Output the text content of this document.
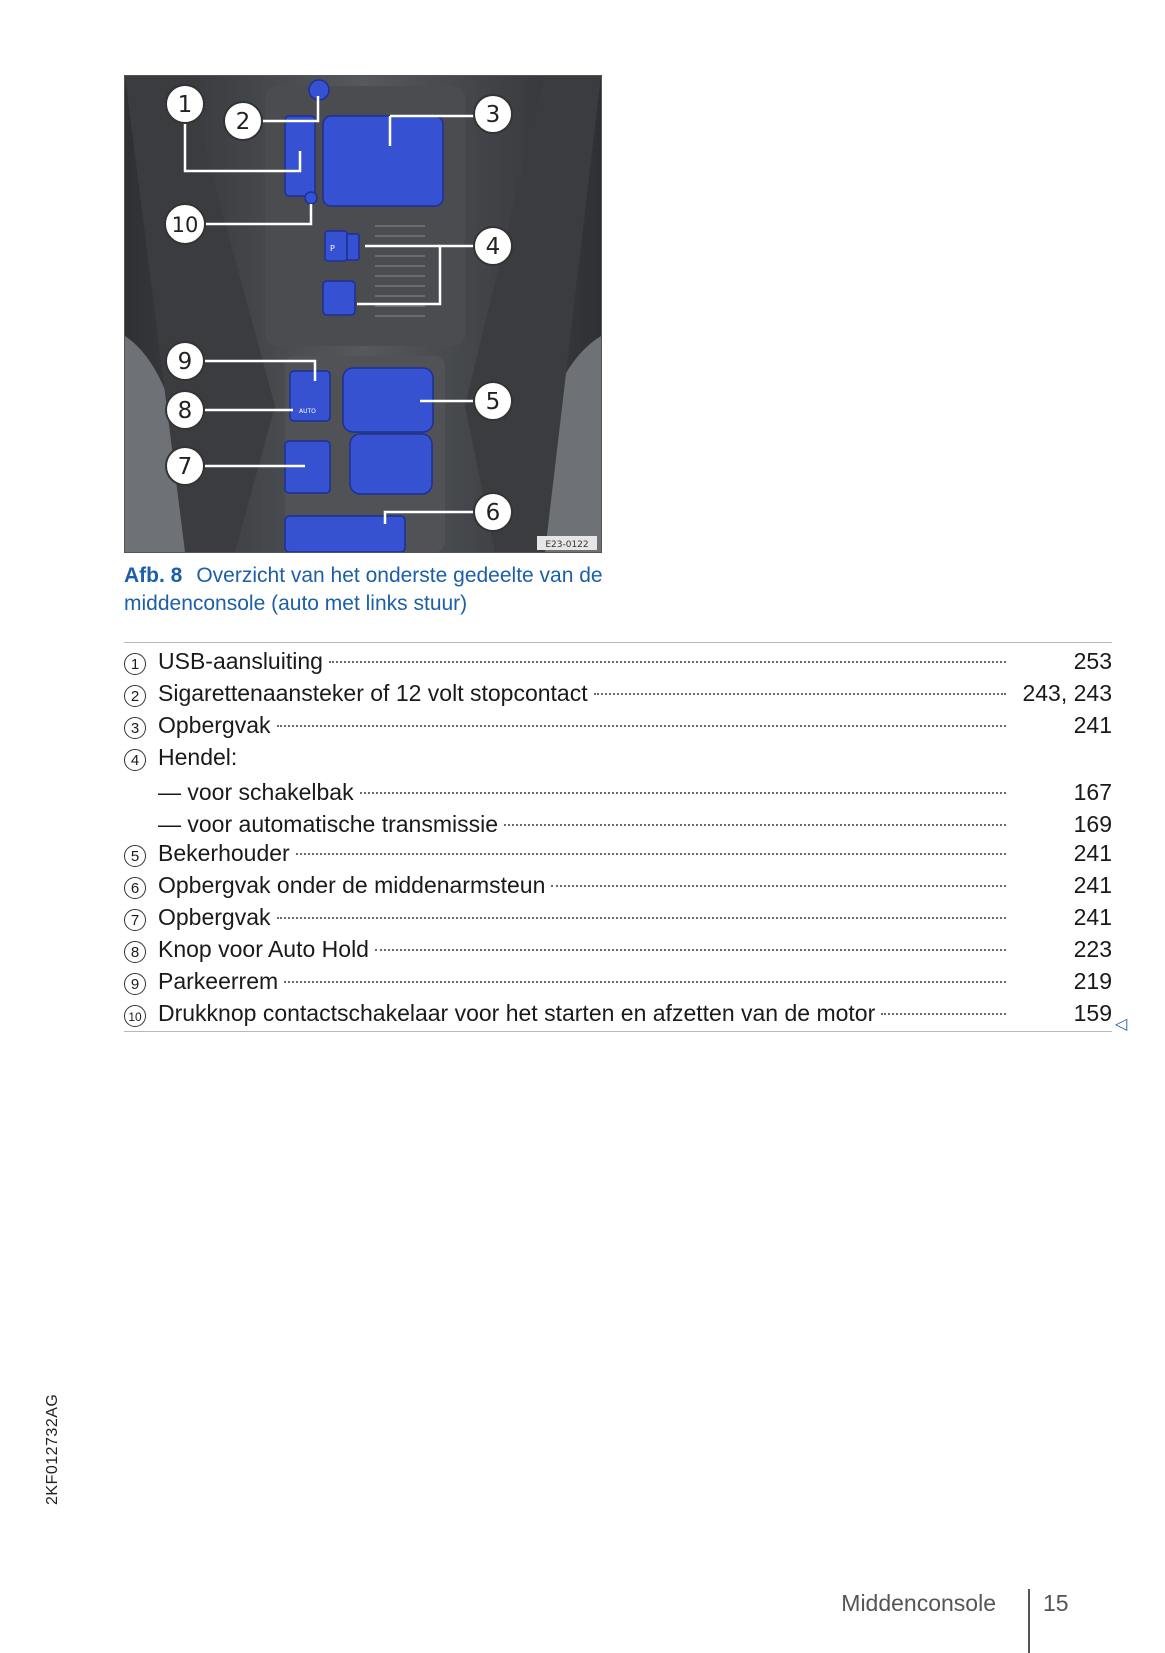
P
AUTO
1
2	3
10
4
9
8	5
7
6
E23-0122
Afb. 8 Overzicht van het onderste gedeelte van de middenconsole (auto met links stuur)
1 USB-aansluiting	253
2 Sigarettenaansteker of 12 volt stopcontact	243, 243
3 Opbergvak	241
4 Hendel:
— voor schakelbak	167
— voor automatische transmissie	169
5 Bekerhouder	241
6 Opbergvak onder de middenarmsteun	241
7 Opbergvak	241
8 Knop voor Auto Hold	223
9 Parkeerrem	219
10 Drukknop contactschakelaar voor het starten en afzetten van de motor	159 ◁
2KF012732AG
Middenconsole 15
